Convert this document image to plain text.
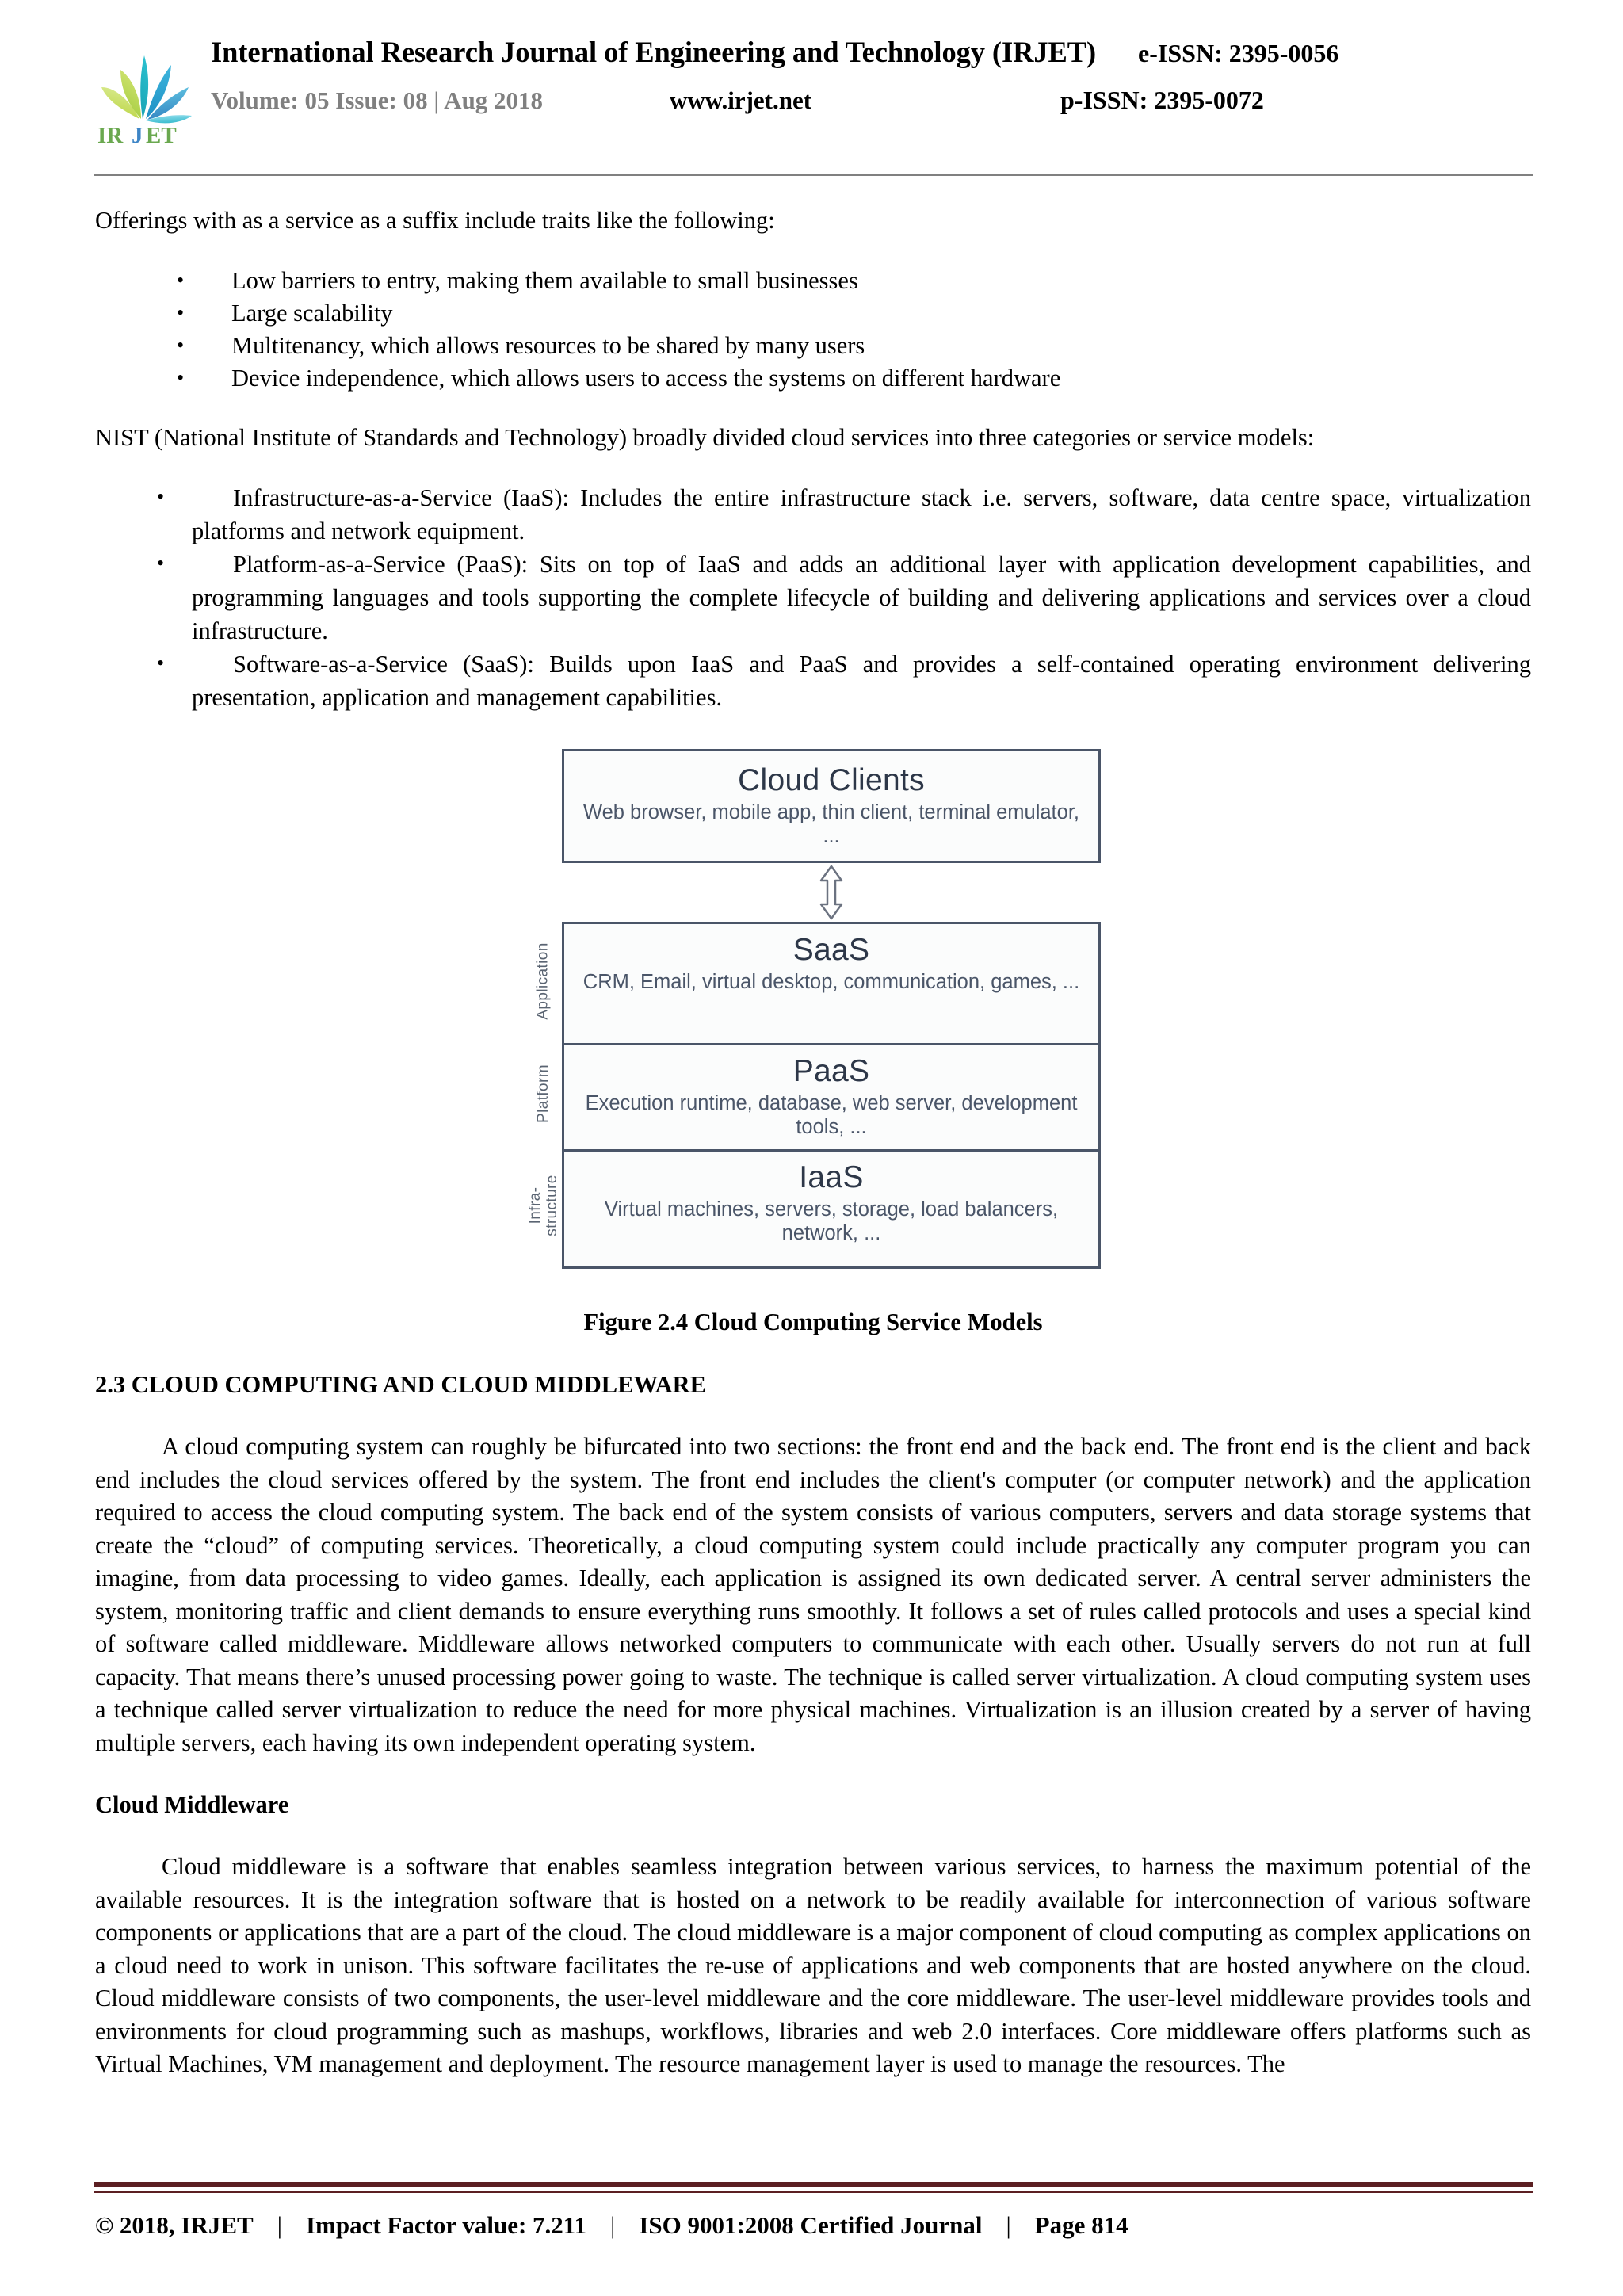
IR J ET
International Research Journal of Engineering and Technology (IRJET) e-ISSN: 2395-0056
Volume: 05 Issue: 08 | Aug 2018	www.irjet.net	p-ISSN: 2395-0072

Offerings with as a service as a suffix include traits like the following:

• Low barriers to entry, making them available to small businesses
• Large scalability
• Multitenancy, which allows resources to be shared by many users
• Device independence, which allows users to access the systems on different hardware

NIST (National Institute of Standards and Technology) broadly divided cloud services into three categories or service models:

• Infrastructure-as-a-Service (IaaS): Includes the entire infrastructure stack i.e. servers, software, data centre space, virtualization platforms and network equipment.
• Platform-as-a-Service (PaaS): Sits on top of IaaS and adds an additional layer with application development capabilities, and programming languages and tools supporting the complete lifecycle of building and delivering applications and services over a cloud infrastructure.
• Software-as-a-Service (SaaS): Builds upon IaaS and PaaS and provides a self-contained operating environment delivering presentation, application and management capabilities.
Cloud Clients
Web browser, mobile app, thin client, terminal emulator, ...
Application
Platform
Infra-structure
SaaS
CRM, Email, virtual desktop, communication, games, ...
PaaS
Execution runtime, database, web server, development tools, ...
IaaS
Virtual machines, servers, storage, load balancers, network, ...
Figure 2.4 Cloud Computing Service Models
2.3 CLOUD COMPUTING AND CLOUD MIDDLEWARE

A cloud computing system can roughly be bifurcated into two sections: the front end and the back end. The front end is the client and back end includes the cloud services offered by the system. The front end includes the client's computer (or computer network) and the application required to access the cloud computing system. The back end of the system consists of various computers, servers and data storage systems that create the “cloud” of computing services. Theoretically, a cloud computing system could include practically any computer program you can imagine, from data processing to video games. Ideally, each application is assigned its own dedicated server. A central server administers the system, monitoring traffic and client demands to ensure everything runs smoothly. It follows a set of rules called protocols and uses a special kind of software called middleware. Middleware allows networked computers to communicate with each other. Usually servers do not run at full capacity. That means there’s unused processing power going to waste. The technique is called server virtualization. A cloud computing system uses a technique called server virtualization to reduce the need for more physical machines. Virtualization is an illusion created by a server of having multiple servers, each having its own independent operating system.

Cloud Middleware

Cloud middleware is a software that enables seamless integration between various services, to harness the maximum potential of the available resources. It is the integration software that is hosted on a network to be readily available for interconnection of various software components or applications that are a part of the cloud. The cloud middleware is a major component of cloud computing as complex applications on a cloud need to work in unison. This software facilitates the re-use of applications and web components that are hosted anywhere on the cloud. Cloud middleware consists of two components, the user-level middleware and the core middleware. The user-level middleware provides tools and environments for cloud programming such as mashups, workflows, libraries and web 2.0 interfaces. Core middleware offers platforms such as Virtual Machines, VM management and deployment. The resource management layer is used to manage the resources. The

© 2018, IRJET | Impact Factor value: 7.211 | ISO 9001:2008 Certified Journal | Page 814
